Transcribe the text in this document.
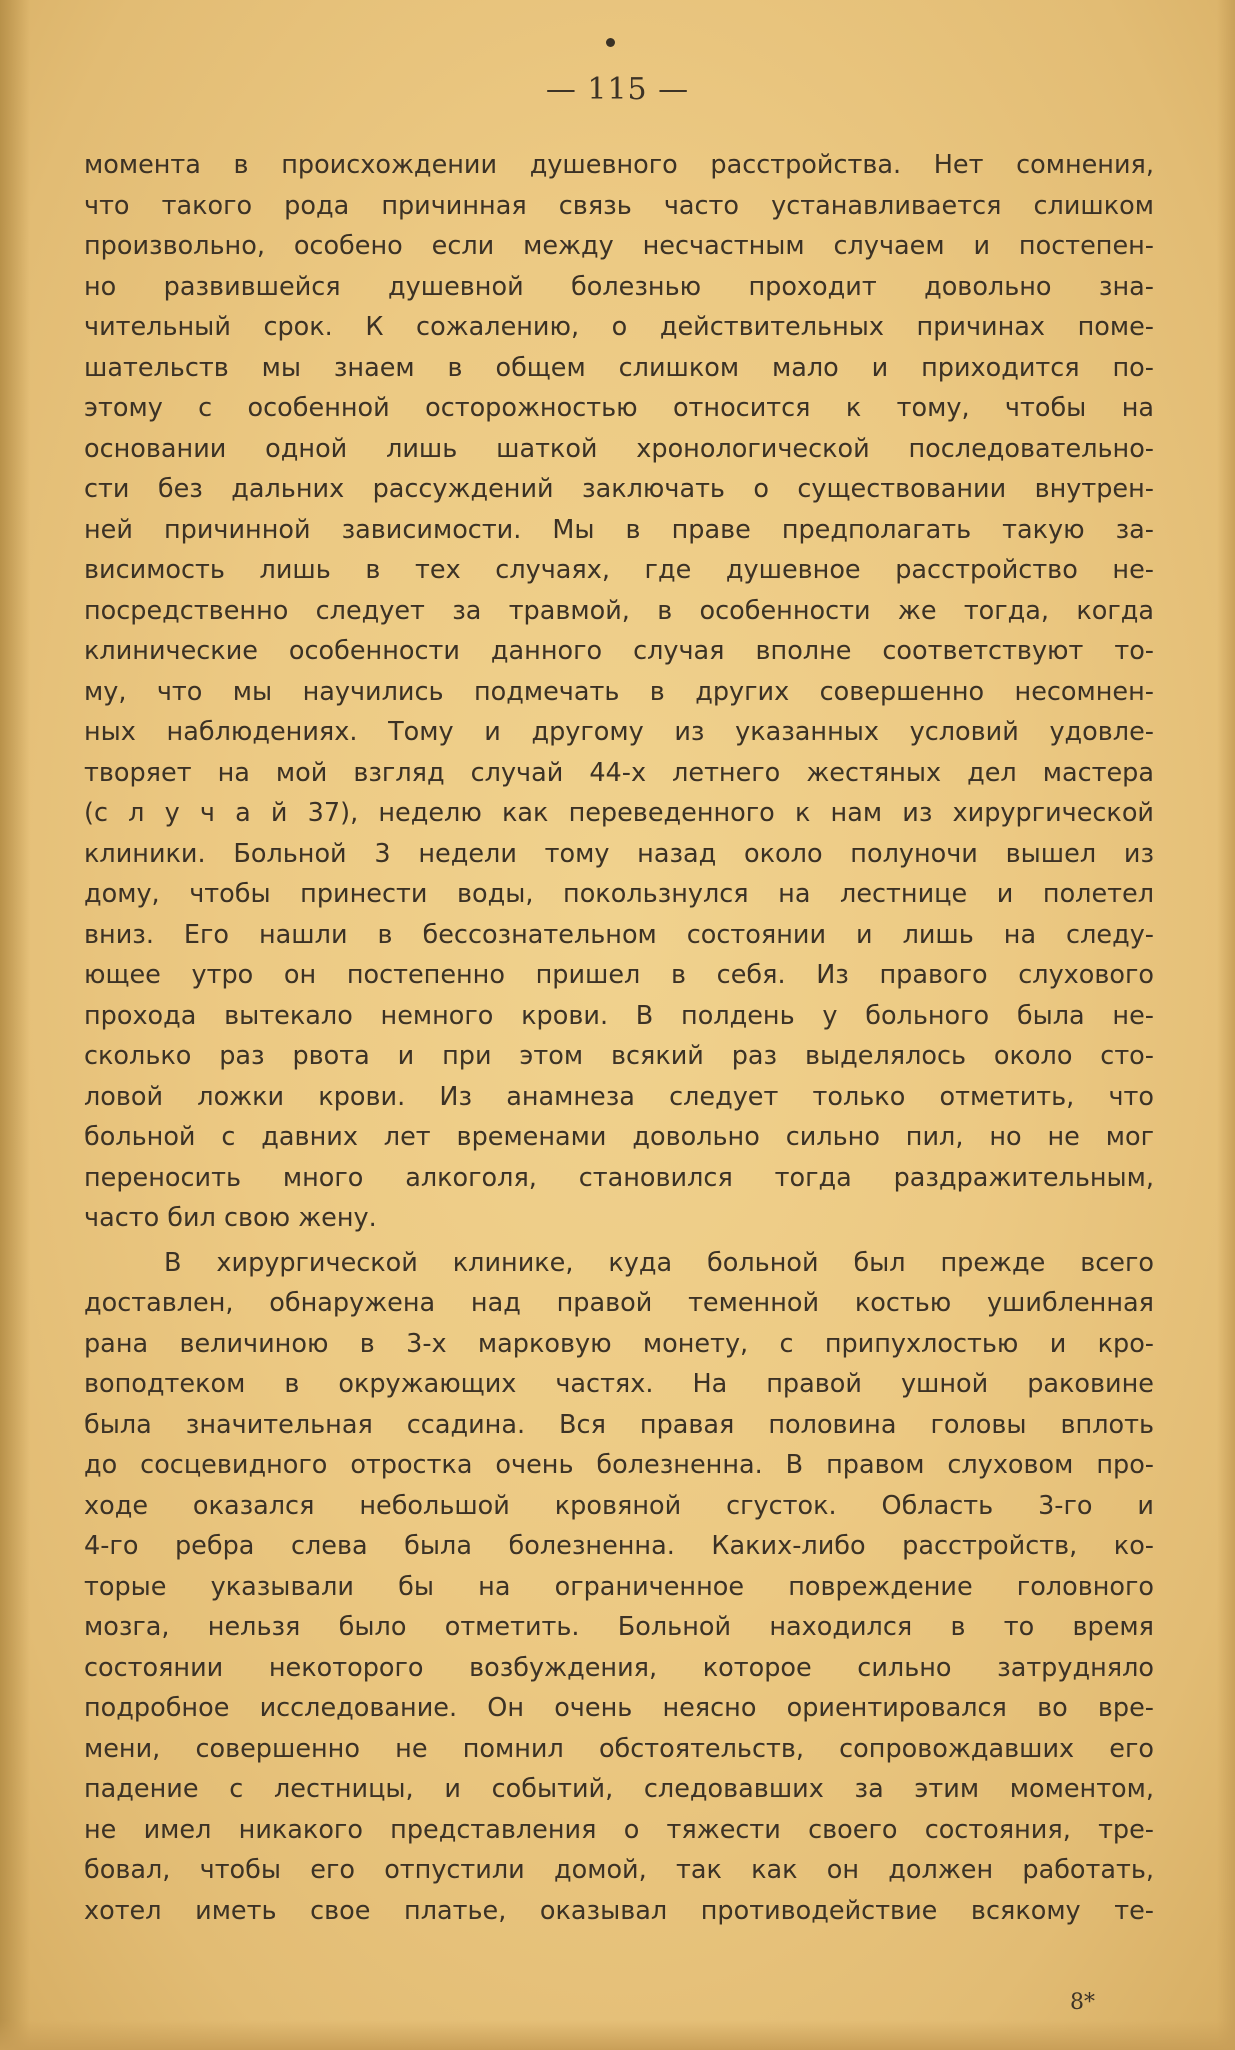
— 115 —
момента в происхождении душевного расстройства. Нет сомнения,
что такого рода причинная связь часто устанавливается слишком
произвольно, особено если между несчастным случаем и постепен-
но развившейся душевной болезнью проходит довольно зна-
чительный срок. К сожалению, о действительных причинах поме-
шательств мы знаем в общем слишком мало и приходится по-
этому с особенной осторожностью относится к тому, чтобы на
основании одной лишь шаткой хронологической последовательно-
сти без дальних рассуждений заключать о существовании внутрен-
ней причинной зависимости. Мы в праве предполагать такую за-
висимость лишь в тех случаях, где душевное расстройство не-
посредственно следует за травмой, в особенности же тогда, когда
клинические особенности данного случая вполне соответствуют то-
му, что мы научились подмечать в других совершенно несомнен-
ных наблюдениях. Тому и другому из указанных условий удовле-
творяет на мой взгляд случай 44-х летнего жестяных дел мастера
(с л у ч а й 37), неделю как переведенного к нам из хирургической
клиники. Больной 3 недели тому назад около полуночи вышел из
дому, чтобы принести воды, покользнулся на лестнице и полетел
вниз. Его нашли в бессознательном состоянии и лишь на следу-
ющее утро он постепенно пришел в себя. Из правого слухового
прохода вытекало немного крови. В полдень у больного была не-
сколько раз рвота и при этом всякий раз выделялось около сто-
ловой ложки крови. Из анамнеза следует только отметить, что
больной с давних лет временами довольно сильно пил, но не мог
переносить много алкоголя, становился тогда раздражительным,
часто бил свою жену.
В хирургической клинике, куда больной был прежде всего
доставлен, обнаружена над правой теменной костью ушибленная
рана величиною в 3-х марковую монету, с припухлостью и кро-
воподтеком в окружающих частях. На правой ушной раковине
была значительная ссадина. Вся правая половина головы вплоть
до сосцевидного отростка очень болезненна. В правом слуховом про-
ходе оказался небольшой кровяной сгусток. Область 3-го и
4-го ребра слева была болезненна. Каких-либо расстройств, ко-
торые указывали бы на ограниченное повреждение головного
мозга, нельзя было отметить. Больной находился в то время
состоянии некоторого возбуждения, которое сильно затрудняло
подробное исследование. Он очень неясно ориентировался во вре-
мени, совершенно не помнил обстоятельств, сопровождавших его
падение с лестницы, и событий, следовавших за этим моментом,
не имел никакого представления о тяжести своего состояния, тре-
бовал, чтобы его отпустили домой, так как он должен работать,
хотел иметь свое платье, оказывал противодействие всякому те-
8*
